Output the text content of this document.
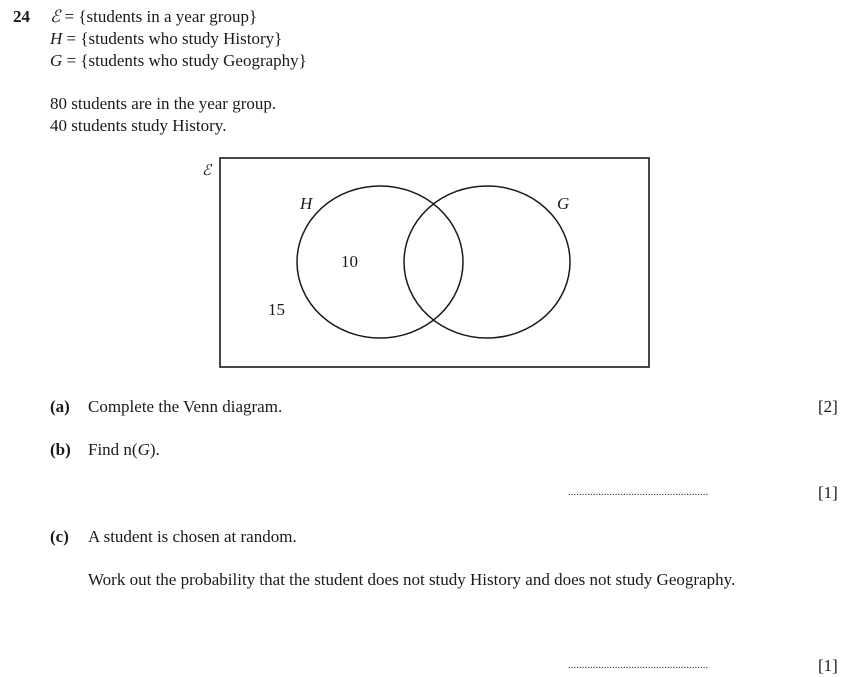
24 ℰ = {students in a year group}
H = {students who study History}
G = {students who study Geography}
80 students are in the year group.
40 students study History.
ℰ
H	G
10
15
(a) Complete the Venn diagram.	[2]
(b) Find n(G).
...................................................	[1]
(c) A student is chosen at random.
Work out the probability that the student does not study History and does not study Geography.
...................................................	[1]
